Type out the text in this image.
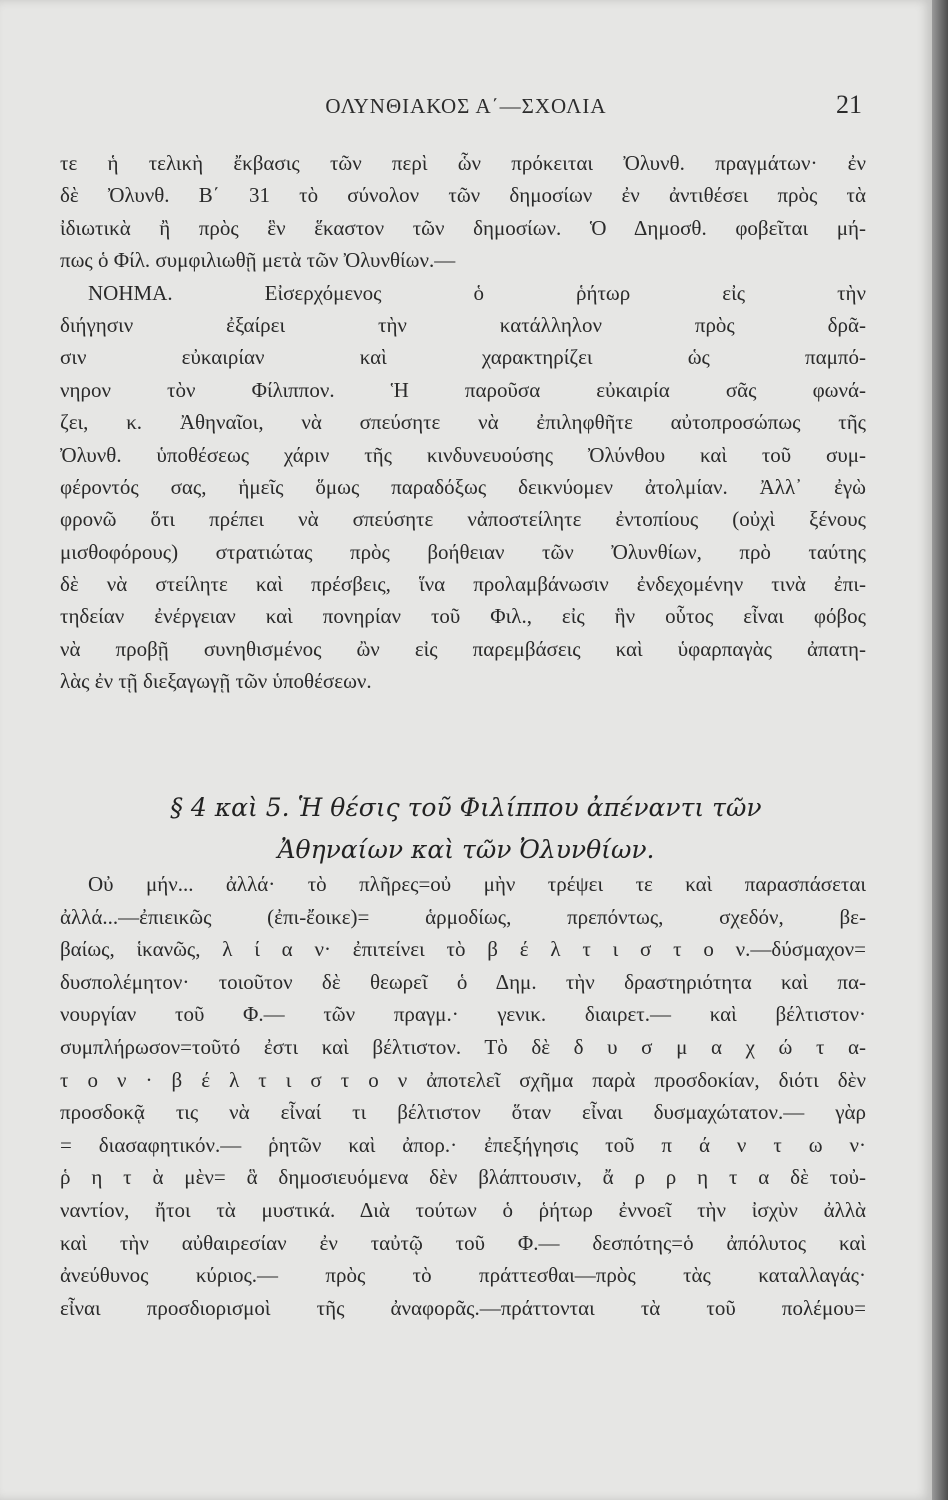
ΟΛΥΝΘΙΑΚΟΣ Α΄—ΣΧΟΛΙΑ	21
τε ἡ τελικὴ ἔκβασις τῶν περὶ ὧν πρόκειται Ὀλυνθ. πραγμάτων· ἐν
δὲ Ὀλυνθ. Β΄ 31 τὸ σύνολον τῶν δημοσίων ἐν ἀντιθέσει πρὸς τὰ
ἰδιωτικὰ ἢ πρὸς ἓν ἕκαστον τῶν δημοσίων. Ὁ Δημοσθ. φοβεῖται μή-
πως ὁ Φίλ. συμφιλιωθῇ μετὰ τῶν Ὀλυνθίων.—
ΝΟΗΜΑ. Εἰσερχόμενος ὁ ῥήτωρ εἰς τὴν
διήγησιν ἐξαίρει τὴν κατάλληλον πρὸς δρᾶ-
σιν εὐκαιρίαν καὶ χαρακτηρίζει ὡς παμπό-
νηρον τὸν Φίλιππον. Ἡ παροῦσα εὐκαιρία σᾶς φωνά-
ζει, κ. Ἀθηναῖοι, νὰ σπεύσητε νὰ ἐπιληφθῆτε αὐτοπροσώπως τῆς
Ὀλυνθ. ὑποθέσεως χάριν τῆς κινδυνευούσης Ὀλύνθου καὶ τοῦ συμ-
φέροντός σας, ἡμεῖς ὅμως παραδόξως δεικνύομεν ἀτολμίαν. Ἀλλ᾽ ἐγὼ
φρονῶ ὅτι πρέπει νὰ σπεύσητε νἀποστείλητε ἐντοπίους (οὐχὶ ξένους
μισθοφόρους) στρατιώτας πρὸς βοήθειαν τῶν Ὀλυνθίων, πρὸ ταύτης
δὲ νὰ στείλητε καὶ πρέσβεις, ἵνα προλαμβάνωσιν ἐνδεχομένην τινὰ ἐπι-
τηδείαν ἐνέργειαν καὶ πονηρίαν τοῦ Φιλ., εἰς ἣν οὗτος εἶναι φόβος
νὰ προβῇ συνηθισμένος ὢν εἰς παρεμβάσεις καὶ ὑφαρπαγὰς ἀπατη-
λὰς ἐν τῇ διεξαγωγῇ τῶν ὑποθέσεων.
§ 4 καὶ 5. Ἡ θέσις τοῦ Φιλίππου ἀπέναντι τῶν
Ἀθηναίων καὶ τῶν Ὀλυνθίων.
Οὐ μήν... ἀλλά· τὸ πλῆρες=οὐ μὴν τρέψει τε καὶ παρασπάσεται
ἀλλά...—ἐπιεικῶς (ἐπι-ἔοικε)= ἁρμοδίως, πρεπόντως, σχεδόν, βε-
βαίως, ἱκανῶς, λ ί α ν· ἐπιτείνει τὸ β έ λ τ ι σ τ ο ν.—δύσμαχον=
δυσπολέμητον· τοιοῦτον δὲ θεωρεῖ ὁ Δημ. τὴν δραστηριότητα καὶ πα-
νουργίαν τοῦ Φ.— τῶν πραγμ.· γενικ. διαιρετ.— καὶ βέλτιστον·
συμπλήρωσον=τοῦτό ἐστι καὶ βέλτιστον. Τὸ δὲ δ υ σ μ α χ ώ τ α-
τ ο ν · β έ λ τ ι σ τ ο ν ἀποτελεῖ σχῆμα παρὰ προσδοκίαν, διότι δὲν
προσδοκᾷ τις νὰ εἶναί τι βέλτιστον ὅταν εἶναι δυσμαχώτατον.— γὰρ
= διασαφητικόν.— ῥητῶν καὶ ἀπορ.· ἐπεξήγησις τοῦ π ά ν τ ω ν·
ῥ η τ ὰ μὲν= ἃ δημοσιευόμενα δὲν βλάπτουσιν, ἄ ρ ρ η τ α δὲ τοὐ-
ναντίον, ἤτοι τὰ μυστικά. Διὰ τούτων ὁ ῥήτωρ ἐννοεῖ τὴν ἰσχὺν ἀλλὰ
καὶ τὴν αὐθαιρεσίαν ἐν ταὐτῷ τοῦ Φ.— δεσπότης=ὁ ἀπόλυτος καὶ
ἀνεύθυνος κύριος.— πρὸς τὸ πράττεσθαι—πρὸς τὰς καταλλαγάς·
εἶναι προσδιορισμοὶ τῆς ἀναφορᾶς.—πράττονται τὰ τοῦ πολέμου=
